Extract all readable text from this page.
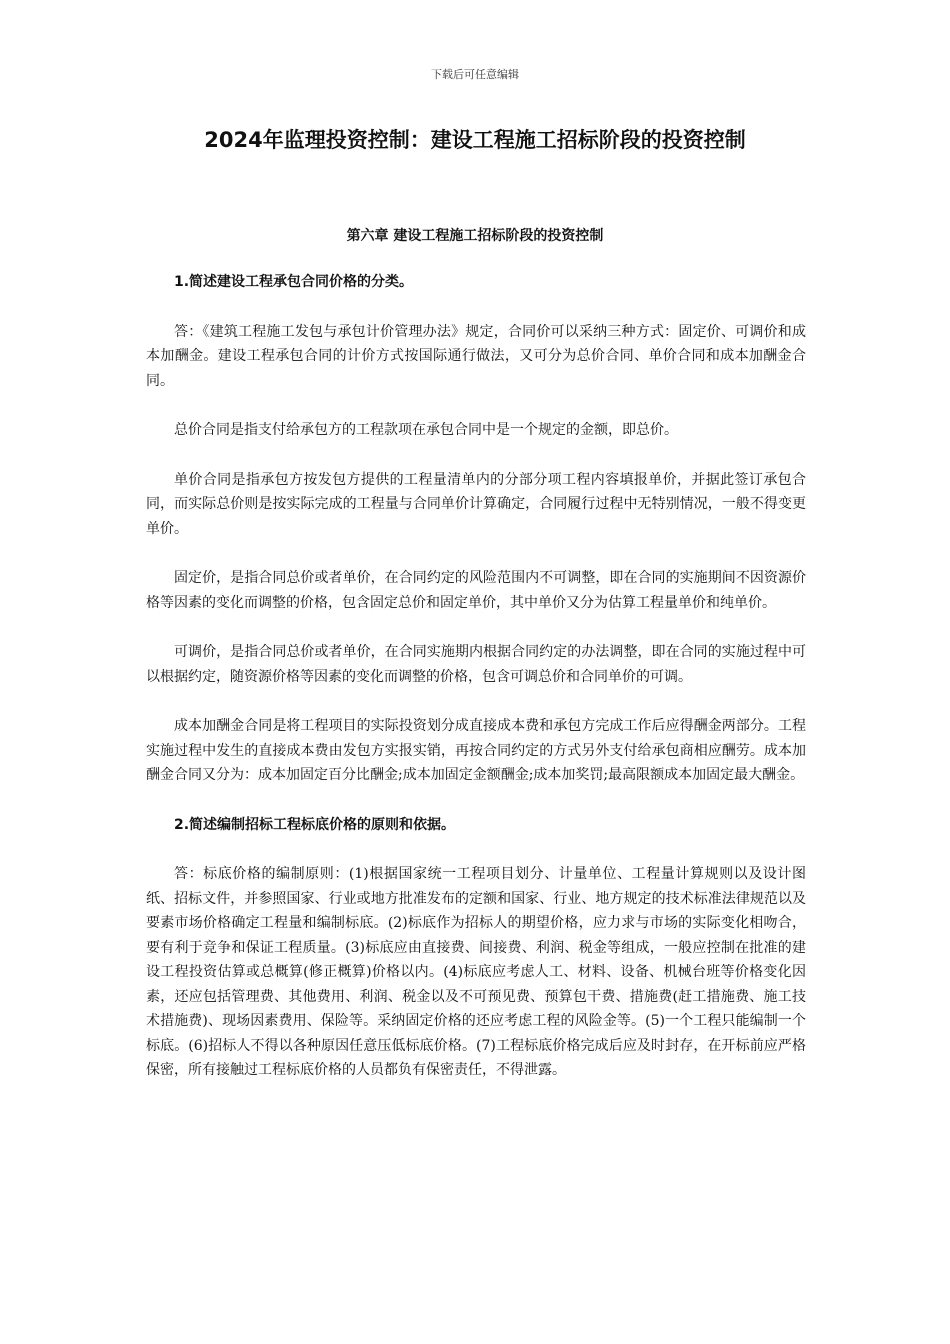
下载后可任意编辑
2024年监理投资控制：建设工程施工招标阶段的投资控制
第六章 建设工程施工招标阶段的投资控制
1.简述建设工程承包合同价格的分类。

答：《建筑工程施工发包与承包计价管理办法》规定，合同价可以采纳三种方式：固定价、可调价和成本加酬金。建设工程承包合同的计价方式按国际通行做法，又可分为总价合同、单价合同和成本加酬金合同。

总价合同是指支付给承包方的工程款项在承包合同中是一个规定的金额，即总价。

单价合同是指承包方按发包方提供的工程量清单内的分部分项工程内容填报单价，并据此签订承包合同，而实际总价则是按实际完成的工程量与合同单价计算确定，合同履行过程中无特别情况，一般不得变更单价。

固定价，是指合同总价或者单价，在合同约定的风险范围内不可调整，即在合同的实施期间不因资源价格等因素的变化而调整的价格，包含固定总价和固定单价，其中单价又分为估算工程量单价和纯单价。

可调价，是指合同总价或者单价，在合同实施期内根据合同约定的办法调整，即在合同的实施过程中可以根据约定，随资源价格等因素的变化而调整的价格，包含可调总价和合同单价的可调。

成本加酬金合同是将工程项目的实际投资划分成直接成本费和承包方完成工作后应得酬金两部分。工程实施过程中发生的直接成本费由发包方实报实销，再按合同约定的方式另外支付给承包商相应酬劳。成本加酬金合同又分为：成本加固定百分比酬金;成本加固定金额酬金;成本加奖罚;最高限额成本加固定最大酬金。

2.简述编制招标工程标底价格的原则和依据。

答：标底价格的编制原则：(1)根据国家统一工程项目划分、计量单位、工程量计算规则以及设计图纸、招标文件，并参照国家、行业或地方批准发布的定额和国家、行业、地方规定的技术标准法律规范以及要素市场价格确定工程量和编制标底。(2)标底作为招标人的期望价格，应力求与市场的实际变化相吻合，要有利于竞争和保证工程质量。(3)标底应由直接费、间接费、利润、税金等组成，一般应控制在批准的建设工程投资估算或总概算(修正概算)价格以内。(4)标底应考虑人工、材料、设备、机械台班等价格变化因素，还应包括管理费、其他费用、利润、税金以及不可预见费、预算包干费、措施费(赶工措施费、施工技术措施费)、现场因素费用、保险等。采纳固定价格的还应考虑工程的风险金等。(5)一个工程只能编制一个标底。(6)招标人不得以各种原因任意压低标底价格。(7)工程标底价格完成后应及时封存，在开标前应严格保密，所有接触过工程标底价格的人员都负有保密责任，不得泄露。
